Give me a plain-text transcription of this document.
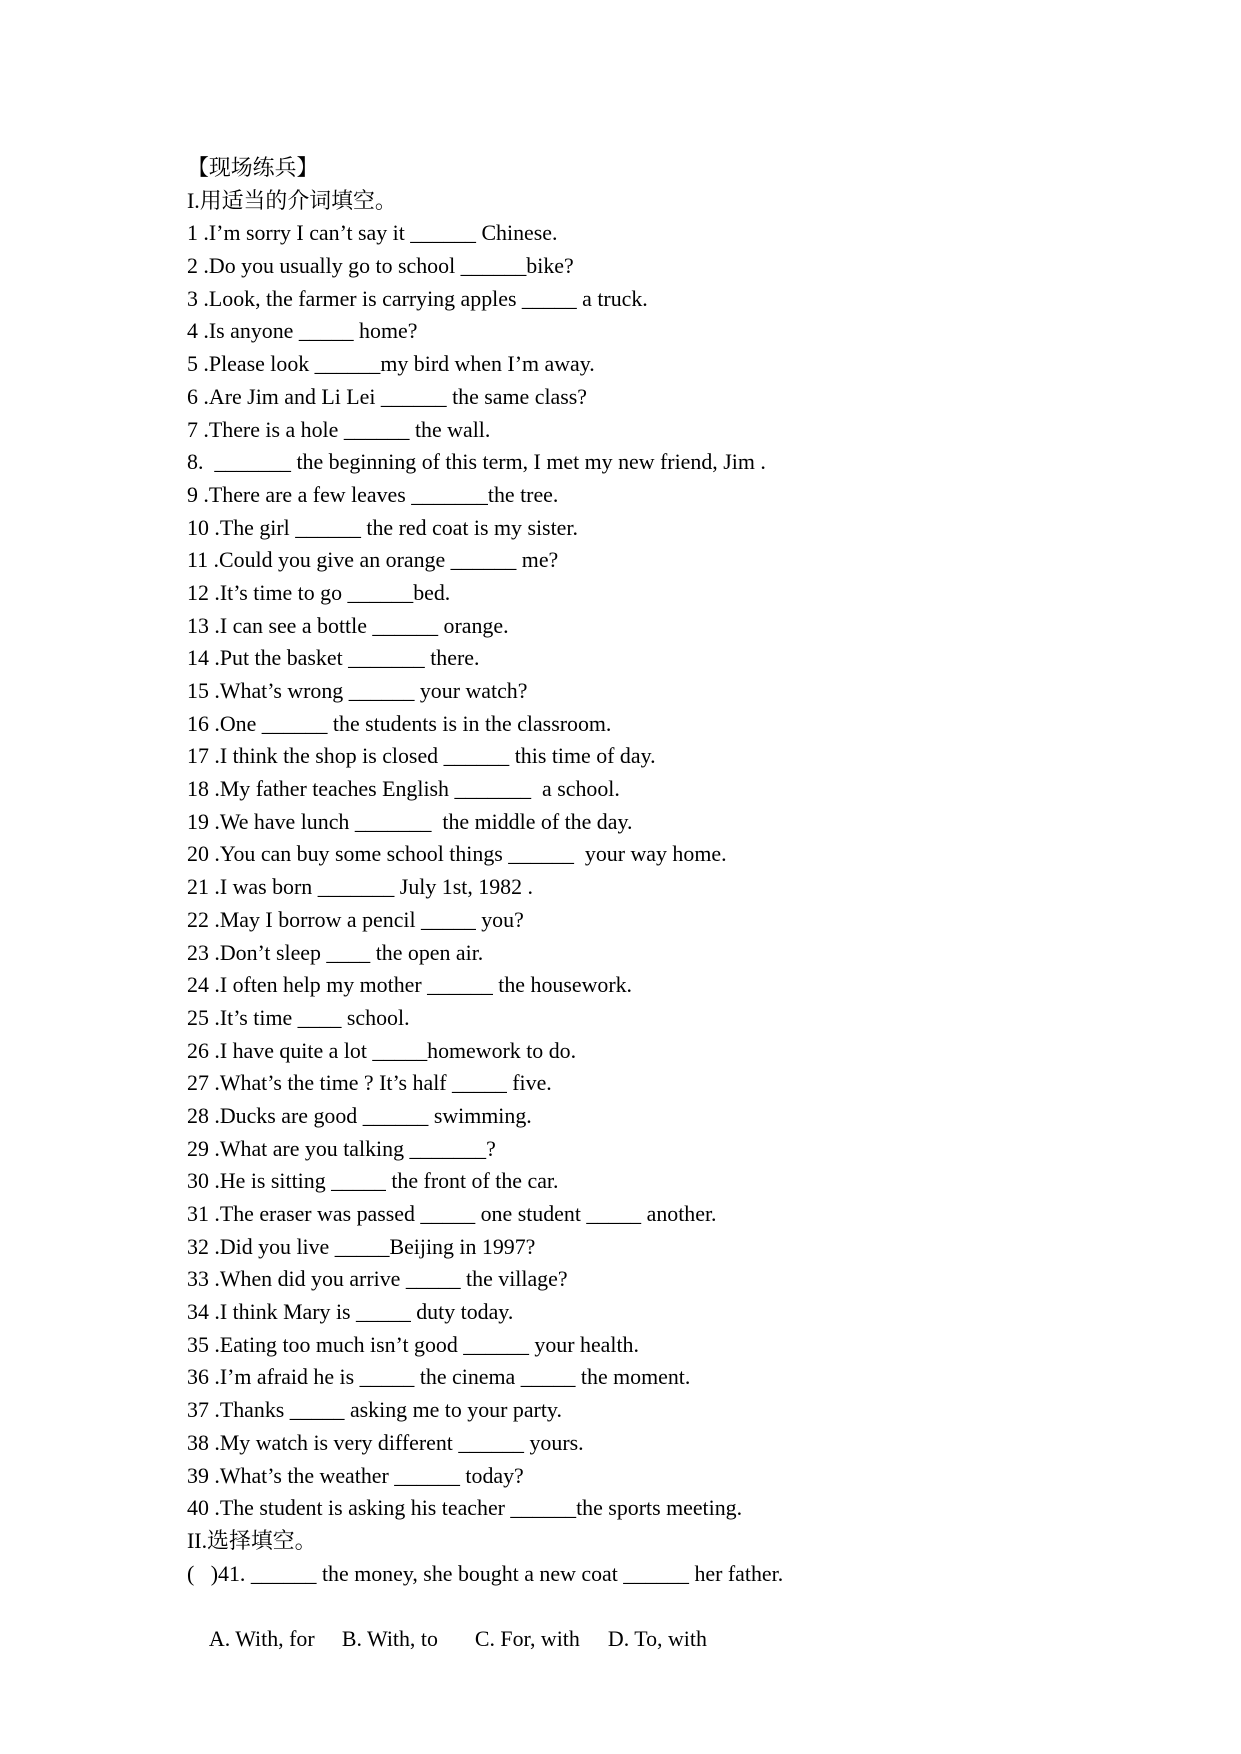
【现场练兵】
I.用适当的介词填空。
1 .I’m sorry I can’t say it ______ Chinese.
2 .Do you usually go to school ______bike?
3 .Look, the farmer is carrying apples _____ a truck.
4 .Is anyone _____ home?
5 .Please look ______my bird when I’m away.
6 .Are Jim and Li Lei ______ the same class?
7 .There is a hole ______ the wall.
8.  _______ the beginning of this term, I met my new friend, Jim .
9 .There are a few leaves _______the tree.
10 .The girl ______ the red coat is my sister.
11 .Could you give an orange ______ me?
12 .It’s time to go ______bed.
13 .I can see a bottle ______ orange.
14 .Put the basket _______ there.
15 .What’s wrong ______ your watch?
16 .One ______ the students is in the classroom.
17 .I think the shop is closed ______ this time of day.
18 .My father teaches English _______  a school.
19 .We have lunch _______  the middle of the day.
20 .You can buy some school things ______  your way home.
21 .I was born _______ July 1st, 1982 .
22 .May I borrow a pencil _____ you?
23 .Don’t sleep ____ the open air.
24 .I often help my mother ______ the housework.
25 .It’s time ____ school.
26 .I have quite a lot _____homework to do.
27 .What’s the time ? It’s half _____ five.
28 .Ducks are good ______ swimming.
29 .What are you talking _______?
30 .He is sitting _____ the front of the car.
31 .The eraser was passed _____ one student _____ another.
32 .Did you live _____Beijing in 1997?
33 .When did you arrive _____ the village?
34 .I think Mary is _____ duty today.
35 .Eating too much isn’t good ______ your health.
36 .I’m afraid he is _____ the cinema _____ the moment.
37 .Thanks _____ asking me to your party.
38 .My watch is very different ______ yours.
39 .What’s the weather ______ today?
40 .The student is asking his teacher ______the sports meeting.
II.选择填空。
(   )41. ______ the money, she bought a new coat ______ her father.

A. With, for B. With, to C. For, with D. To, with
